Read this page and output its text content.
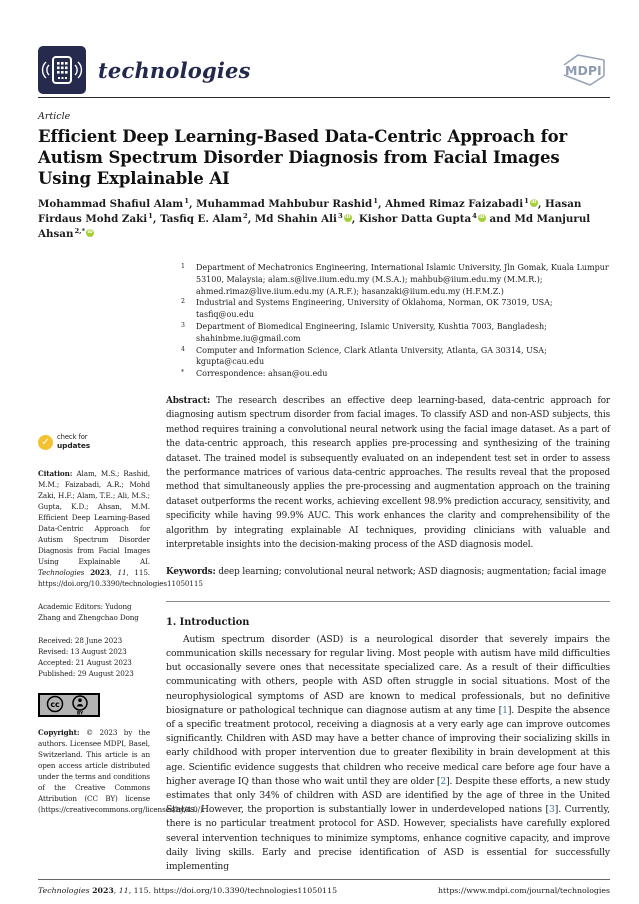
technologies	MDPI
Article
Efficient Deep Learning-Based Data-Centric Approach for Autism Spectrum Disorder Diagnosis from Facial Images Using Explainable AI
Mohammad Shafiul Alam$^1$, Muhammad Mahbubur Rashid$^1$, Ahmed Rimaz Faizabadi$^1$ iD, Hasan Firdaus Mohd Zaki$^1$, Tasfiq E. Alam$^2$, Md Shahin Ali$^3$ iD, Kishor Datta Gupta$^4$ iD and Md Manjurul Ahsan$^{2,*}$ iD
✓	check for
updates
Citation: Alam, M.S.; Rashid, M.M.; Faizabadi, A.R.; Mohd Zaki, H.F.; Alam, T.E.; Ali, M.S.; Gupta, K.D.; Ahsan, M.M. Efficient Deep Learning-Based Data-Centric Approach for Autism Spectrum Disorder Diagnosis from Facial Images Using Explainable AI. Technologies 2023, 11, 115. https://doi.org/10.3390/technologies11050115
Academic Editors: Yudong Zhang and Zhengchao Dong
Received: 28 June 2023
Revised: 13 August 2023
Accepted: 21 August 2023
Published: 29 August 2023
cc
BY
Copyright: © 2023 by the authors. Licensee MDPI, Basel, Switzerland. This article is an open access article distributed under the terms and conditions of the Creative Commons Attribution (CC BY) license (https://creativecommons.org/licenses/by/4.0/).
1	Department of Mechatronics Engineering, International Islamic University, Jln Gomak, Kuala Lumpur 53100, Malaysia; alam.s@live.iium.edu.my (M.S.A.); mahbub@iium.edu.my (M.M.R.); ahmed.rimaz@live.iium.edu.my (A.R.F.); hasanzaki@iium.edu.my (H.F.M.Z.)
2	Industrial and Systems Engineering, University of Oklahoma, Norman, OK 73019, USA; tasfiq@ou.edu
3	Department of Biomedical Engineering, Islamic University, Kushtia 7003, Bangladesh; shahinbme.iu@gmail.com
4	Computer and Information Science, Clark Atlanta University, Atlanta, GA 30314, USA; kgupta@cau.edu
*	Correspondence: ahsan@ou.edu

Abstract: The research describes an effective deep learning-based, data-centric approach for diagnosing autism spectrum disorder from facial images. To classify ASD and non-ASD subjects, this method requires training a convolutional neural network using the facial image dataset. As a part of the data-centric approach, this research applies pre-processing and synthesizing of the training dataset. The trained model is subsequently evaluated on an independent test set in order to assess the performance matrices of various data-centric approaches. The results reveal that the proposed method that simultaneously applies the pre-processing and augmentation approach on the training dataset outperforms the recent works, achieving excellent 98.9% prediction accuracy, sensitivity, and specificity while having 99.9% AUC. This work enhances the clarity and comprehensibility of the algorithm by integrating explainable AI techniques, providing clinicians with valuable and interpretable insights into the decision-making process of the ASD diagnosis model.

Keywords: deep learning; convolutional neural network; ASD diagnosis; augmentation; facial image

1. Introduction

Autism spectrum disorder (ASD) is a neurological disorder that severely impairs the communication skills necessary for regular living. Most people with autism have mild difficulties but occasionally severe ones that necessitate specialized care. As a result of their difficulties communicating with others, people with ASD often struggle in social situations. Most of the neurophysiological symptoms of ASD are known to medical professionals, but no definitive biosignature or pathological technique can diagnose autism at any time [1]. Despite the absence of a specific treatment protocol, receiving a diagnosis at a very early age can improve outcomes significantly. Children with ASD may have a better chance of improving their socializing skills in early childhood with proper intervention due to greater flexibility in brain development at this age. Scientific evidence suggests that children who receive medical care before age four have a higher average IQ than those who wait until they are older [2]. Despite these efforts, a new study estimates that only 34% of children with ASD are identified by the age of three in the United States. However, the proportion is substantially lower in underdeveloped nations [3]. Currently, there is no particular treatment protocol for ASD. However, specialists have carefully explored several intervention techniques to minimize symptoms, enhance cognitive capacity, and improve daily living skills. Early and precise identification of ASD is essential for successfully implementing

Technologies 2023, 11, 115. https://doi.org/10.3390/technologies11050115	https://www.mdpi.com/journal/technologies
